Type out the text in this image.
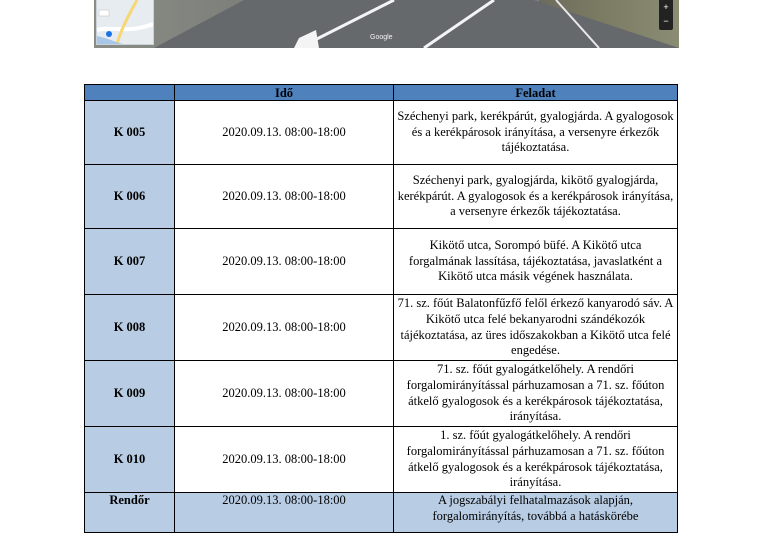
Google
+
−
	Idő	Feladat
K 005	2020.09.13. 08:00-18:00	Széchenyi park, kerékpárút, gyalogjárda. A gyalogosok és a kerékpárosok irányítása, a versenyre érkezők tájékoztatása.
K 006	2020.09.13. 08:00-18:00	Széchenyi park, gyalogjárda, kikötő gyalogjárda, kerékpárút. A gyalogosok és a kerékpárosok irányítása, a versenyre érkezők tájékoztatása.
K 007	2020.09.13. 08:00-18:00	Kikötő utca, Sorompó büfé. A Kikötő utca forgalmának lassítása, tájékoztatása, javaslatként a Kikötő utca másik végének használata.
K 008	2020.09.13. 08:00-18:00	71. sz. főút Balatonfűzfő felől érkező kanyarodó sáv. A Kikötő utca felé bekanyarodni szándékozók tájékoztatása, az üres időszakokban a Kikötő utca felé engedése.
K 009	2020.09.13. 08:00-18:00	71. sz. főút gyalogátkelőhely. A rendőri forgalomirányítással párhuzamosan a 71. sz. főúton átkelő gyalogosok és a kerékpárosok tájékoztatása, irányítása.
K 010	2020.09.13. 08:00-18:00	1. sz. főút gyalogátkelőhely. A rendőri forgalomirányítással párhuzamosan a 71. sz. főúton átkelő gyalogosok és a kerékpárosok tájékoztatása, irányítása.
Rendőr	2020.09.13. 08:00-18:00	A jogszabályi felhatalmazások alapján, forgalomirányítás, továbbá a hatáskörébe
